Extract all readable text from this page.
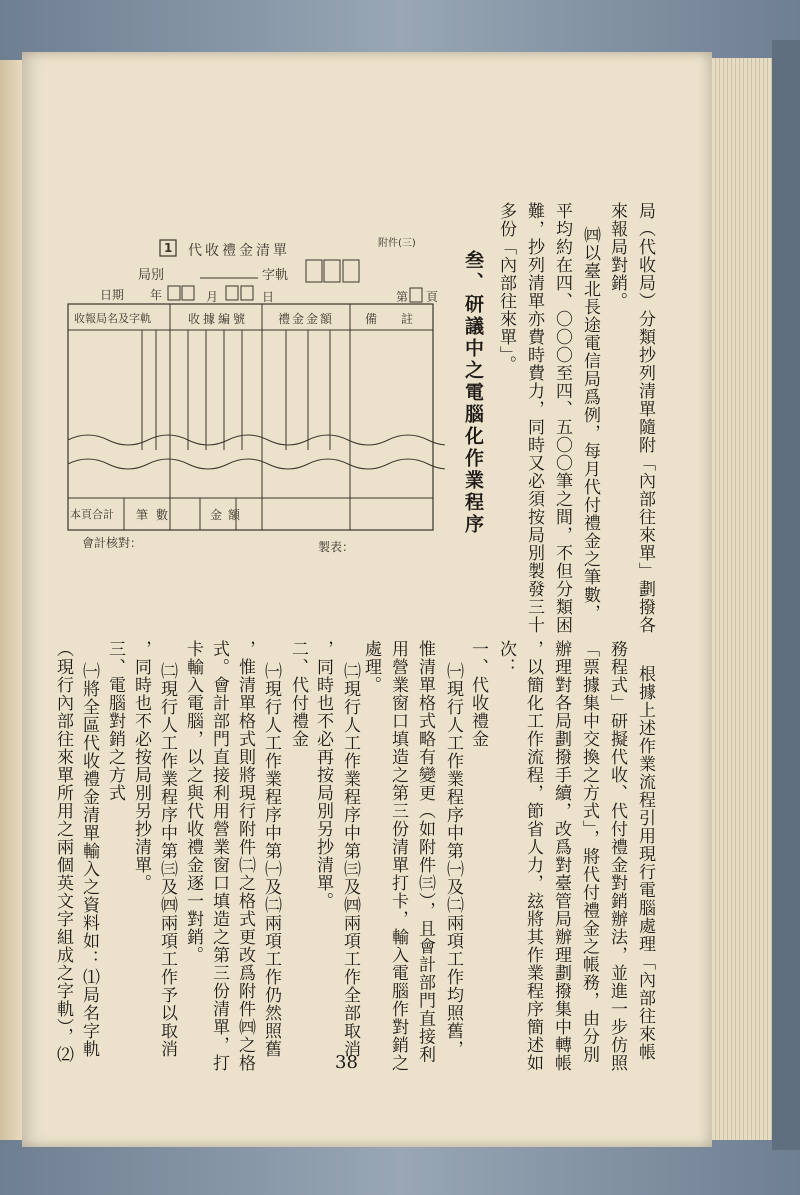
局（代收局）分類抄列清單隨附「內部往來單」劃撥各
來報局對銷。
㈣以臺北長途電信局爲例，每月代付禮金之筆數，
平均約在四、〇〇〇至四、五〇〇筆之間，不但分類困
難，抄列清單亦費時費力，同時又必須按局別製發三十
多份「內部往來單」。
叁、研議中之電腦化作業程序
根據上述作業流程引用現行電腦處理「內部往來帳
務程式」研擬代收、代付禮金對銷辦法，並進一步仿照
「票據集中交換之方式」，將代付禮金之帳務，由分別
辦理對各局劃撥手續，改爲對臺管局辦理劃撥集中轉帳
，以簡化工作流程，節省人力，玆將其作業程序簡述如
次：
一、代收禮金
㈠現行人工作業程序中第㈠及㈡兩項工作均照舊，
惟清單格式略有變更（如附件㈢），且會計部門直接利
用營業窗口填造之第三份清單打卡，輸入電腦作對銷之
處理。
㈡現行人工作業程序中第㈢及㈣兩項工作全部取消
，同時也不必再按局別另抄清單。
二、代付禮金
㈠現行人工作業程序中第㈠及㈡兩項工作仍然照舊
，惟清單格式則將現行附件㈡之格式更改爲附件㈣之格
式。會計部門直接利用營業窗口填造之第三份清單，打
卡輸入電腦，以之與代收禮金逐一對銷。
㈡現行人工作業程序中第㈢及㈣兩項工作予以取消
，同時也不必按局別另抄清單。
三、電腦對銷之方式
㈠將全區代收禮金清單輸入之資料如：⑴局名字軌
（現行內部往來單所用之兩個英文字組成之字軌），⑵	38
1 代收禮金清單	附件(三)
局別	字軌
日期 年	月	日	第 頁
收報局名及字軌	收據編號 禮金金額	備　　註
本頁合計 筆數	金額
會計核對：	製表：
